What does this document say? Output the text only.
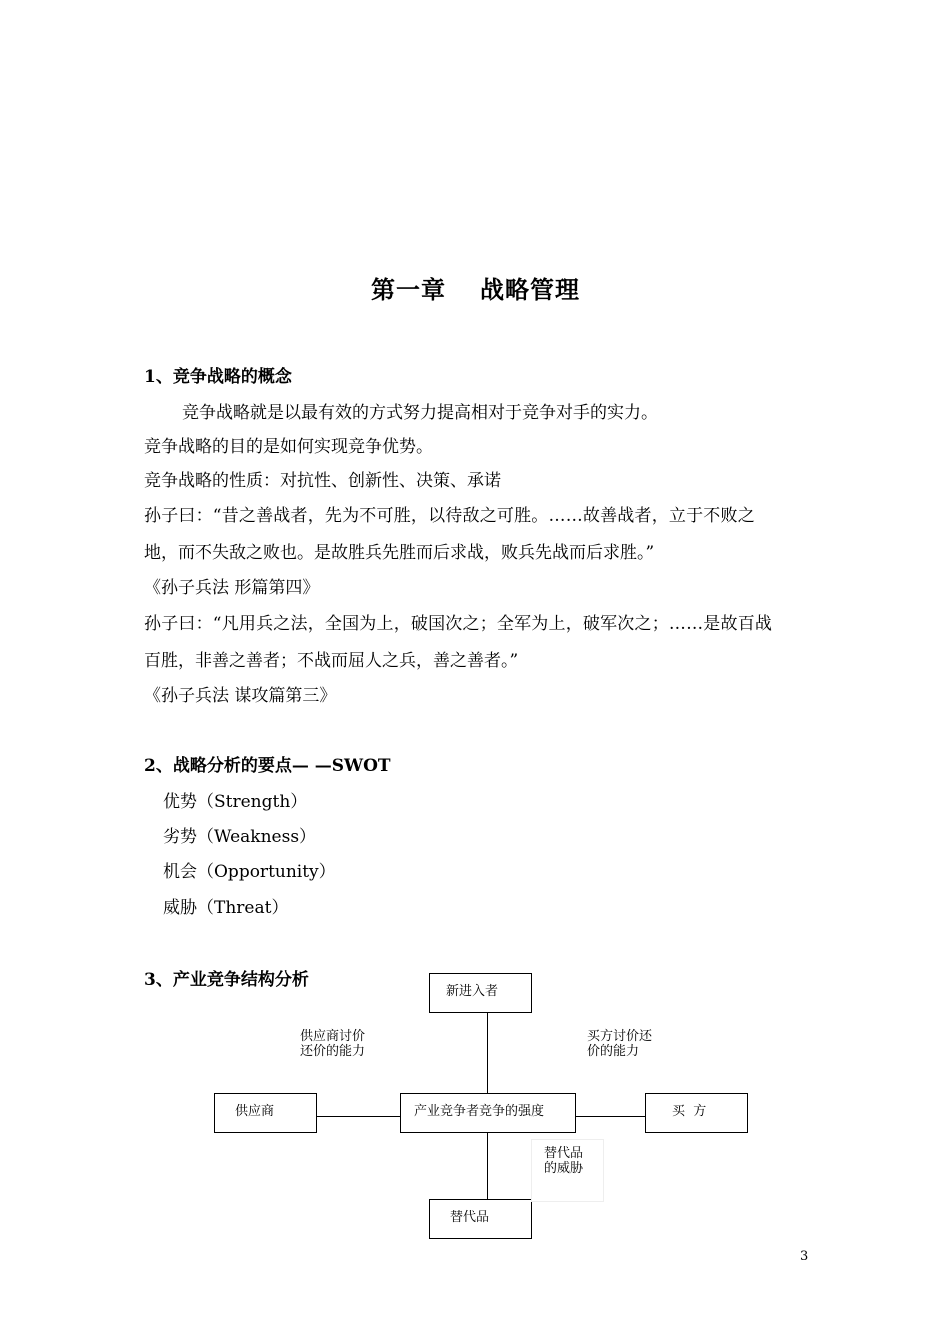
第一章 战略管理
1、竞争战略的概念
竞争战略就是以最有效的方式努力提高相对于竞争对手的实力。
竞争战略的目的是如何实现竞争优势。
竞争战略的性质：对抗性、创新性、决策、承诺
孙子曰：“昔之善战者，先为不可胜，以待敌之可胜。……故善战者，立于不败之
地，而不失敌之败也。是故胜兵先胜而后求战，败兵先战而后求胜。”
《孙子兵法 形篇第四》
孙子曰：“凡用兵之法，全国为上，破国次之；全军为上，破军次之；……是故百战
百胜，非善之善者；不战而屈人之兵，善之善者。”
《孙子兵法 谋攻篇第三》
2、战略分析的要点— —SWOT
优势（Strength）
劣势（Weakness）
机会（Opportunity）
威胁（Threat）
3、产业竞争结构分析
新进入者
供应商	产业竞争者竞争的强度	买  方
替代品
供应商讨价
还价的能力
买方讨价还
价的能力
替代品
的威胁
3
